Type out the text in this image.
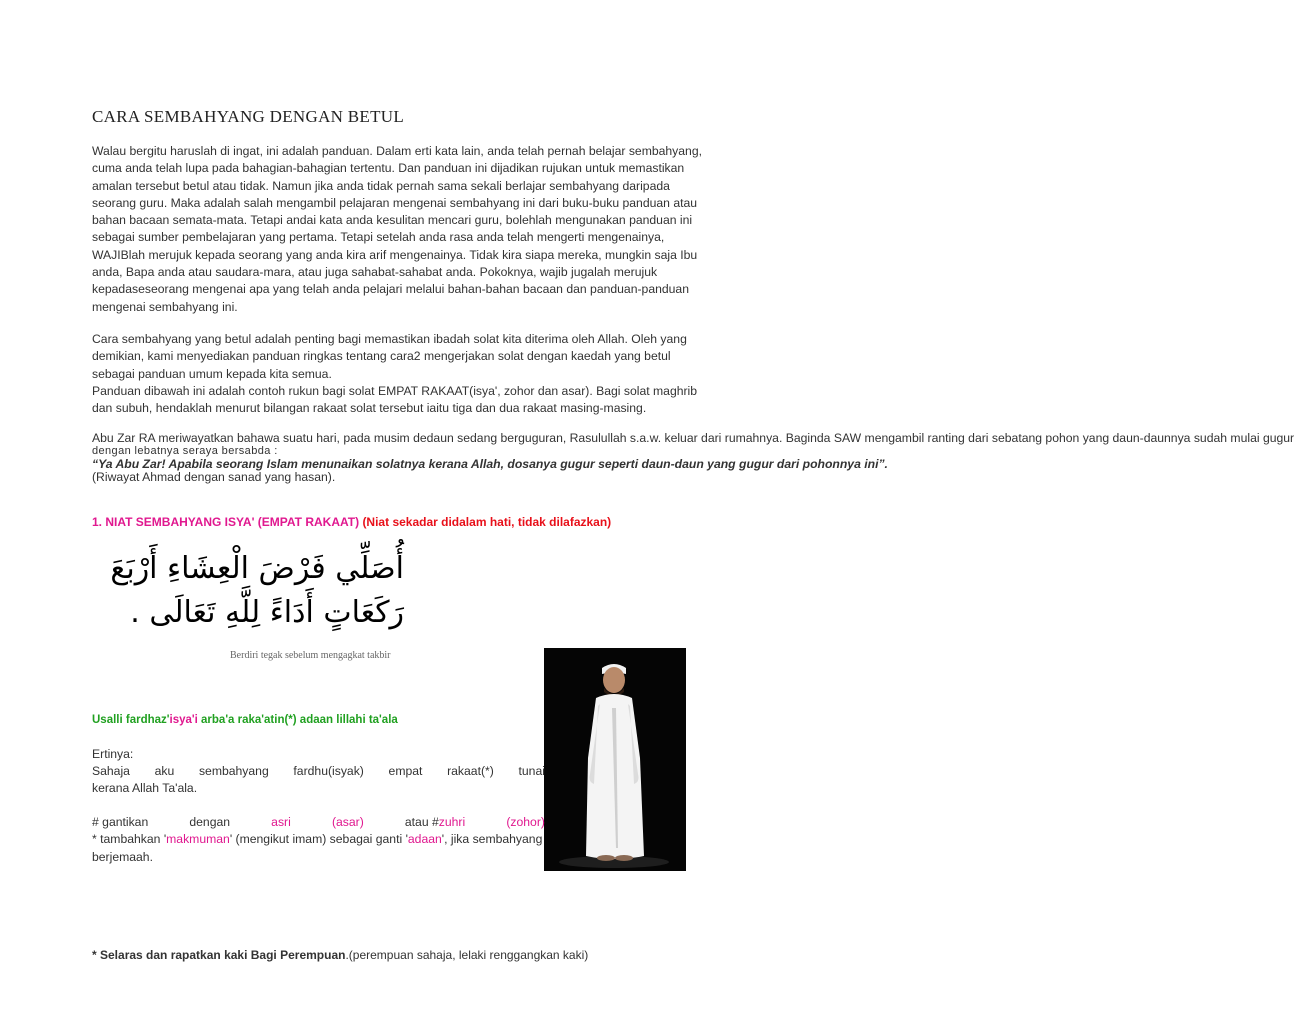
CARA SEMBAHYANG DENGAN BETUL
Walau bergitu haruslah di ingat, ini adalah panduan. Dalam erti kata lain, anda telah pernah belajar sembahyang,
cuma anda telah lupa pada bahagian-bahagian tertentu. Dan panduan ini dijadikan rujukan untuk memastikan
amalan tersebut betul atau tidak. Namun jika anda tidak pernah sama sekali berlajar sembahyang daripada
seorang guru. Maka adalah salah mengambil pelajaran mengenai sembahyang ini dari buku-buku panduan atau
bahan bacaan semata-mata. Tetapi andai kata anda kesulitan mencari guru, bolehlah mengunakan panduan ini
sebagai sumber pembelajaran yang pertama. Tetapi setelah anda rasa anda telah mengerti mengenainya,
WAJIBlah merujuk kepada seorang yang anda kira arif mengenainya. Tidak kira siapa mereka, mungkin saja Ibu
anda, Bapa anda atau saudara-mara, atau juga sahabat-sahabat anda. Pokoknya, wajib jugalah merujuk
kepadaseseorang mengenai apa yang telah anda pelajari melalui bahan-bahan bacaan dan panduan-panduan
mengenai sembahyang ini.
Cara sembahyang yang betul adalah penting bagi memastikan ibadah solat kita diterima oleh Allah. Oleh yang
demikian, kami menyediakan panduan ringkas tentang cara2 mengerjakan solat dengan kaedah yang betul
sebagai panduan umum kepada kita semua.
Panduan dibawah ini adalah contoh rukun bagi solat EMPAT RAKAAT(isya', zohor dan asar). Bagi solat maghrib
dan subuh, hendaklah menurut bilangan rakaat solat tersebut iaitu tiga dan dua rakaat masing-masing.
Abu Zar RA meriwayatkan bahawa suatu hari, pada musim dedaun sedang berguguran, Rasulullah s.a.w. keluar dari rumahnya. Baginda SAW mengambil ranting dari sebatang pohon yang daun-daunnya sudah mulai gugur
dengan lebatnya seraya bersabda :
“Ya Abu Zar! Apabila seorang Islam menunaikan solatnya kerana Allah, dosanya gugur seperti daun-daun yang gugur dari pohonnya ini”.
(Riwayat Ahmad dengan sanad yang hasan).
1. NIAT SEMBAHYANG ISYA' (EMPAT RAKAAT) (Niat sekadar didalam hati, tidak dilafazkan)
أُصَلِّي فَرْضَ الْعِشَاءِ أَرْبَعَ
رَكَعَاتٍ أَدَاءً لِلَّهِ تَعَالَى .
Berdiri tegak sebelum mengagkat takbir
Usalli fardhaz'isya'i arba'a raka'atin(*) adaan lillahi ta'ala
Ertinya:
Sahaja aku sembahyang fardhu(isyak) empat rakaat(*) tunai
kerana Allah Ta'ala.
# gantikan	dengan	asri	(asar)	atau #zuhri	(zohor)
* tambahkan 'makmuman' (mengikut imam) sebagai ganti 'adaan', jika sembahyang
berjemaah.
* Selaras dan rapatkan kaki Bagi Perempuan.(perempuan sahaja, lelaki renggangkan kaki)
